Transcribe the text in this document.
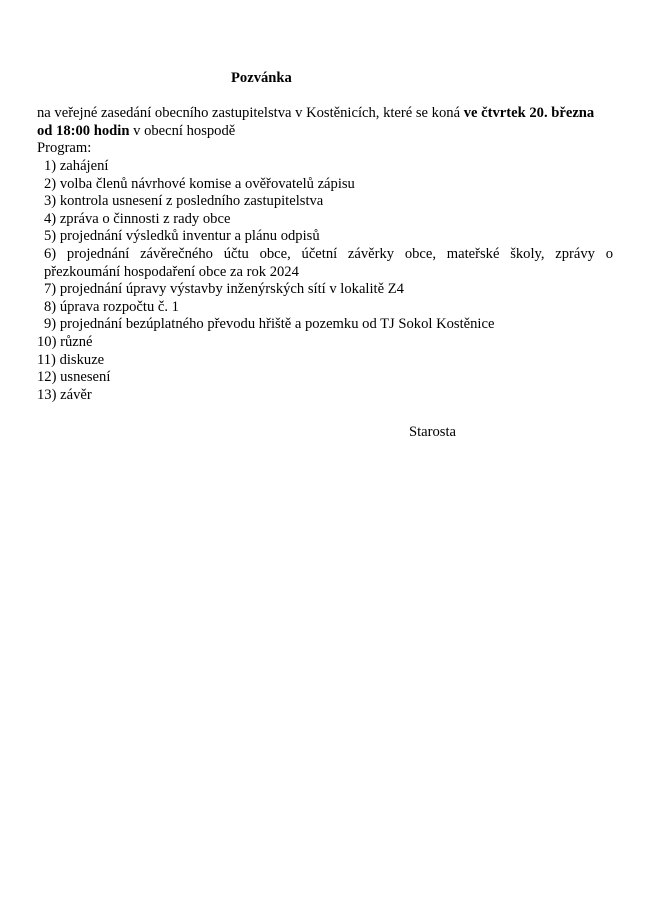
Pozvánka

na veřejné zasedání obecního zastupitelstva v Kostěnicích, které se koná ve čtvrtek 20. března od 18:00 hodin v obecní hospodě

Program:

1) zahájení
2) volba členů návrhové komise a ověřovatelů zápisu
3) kontrola usnesení z posledního zastupitelstva
4) zpráva o činnosti z rady obce
5) projednání výsledků inventur a plánu odpisů
6) projednání závěrečného účtu obce, účetní závěrky obce, mateřské školy, zprávy o přezkoumání hospodaření obce za rok 2024
7) projednání úpravy výstavby inženýrských sítí v lokalitě Z4
8) úprava rozpočtu č. 1
9) projednání bezúplatného převodu hřiště a pozemku od TJ Sokol Kostěnice
10) různé
11) diskuze
12) usnesení
13) závěr

Starosta
